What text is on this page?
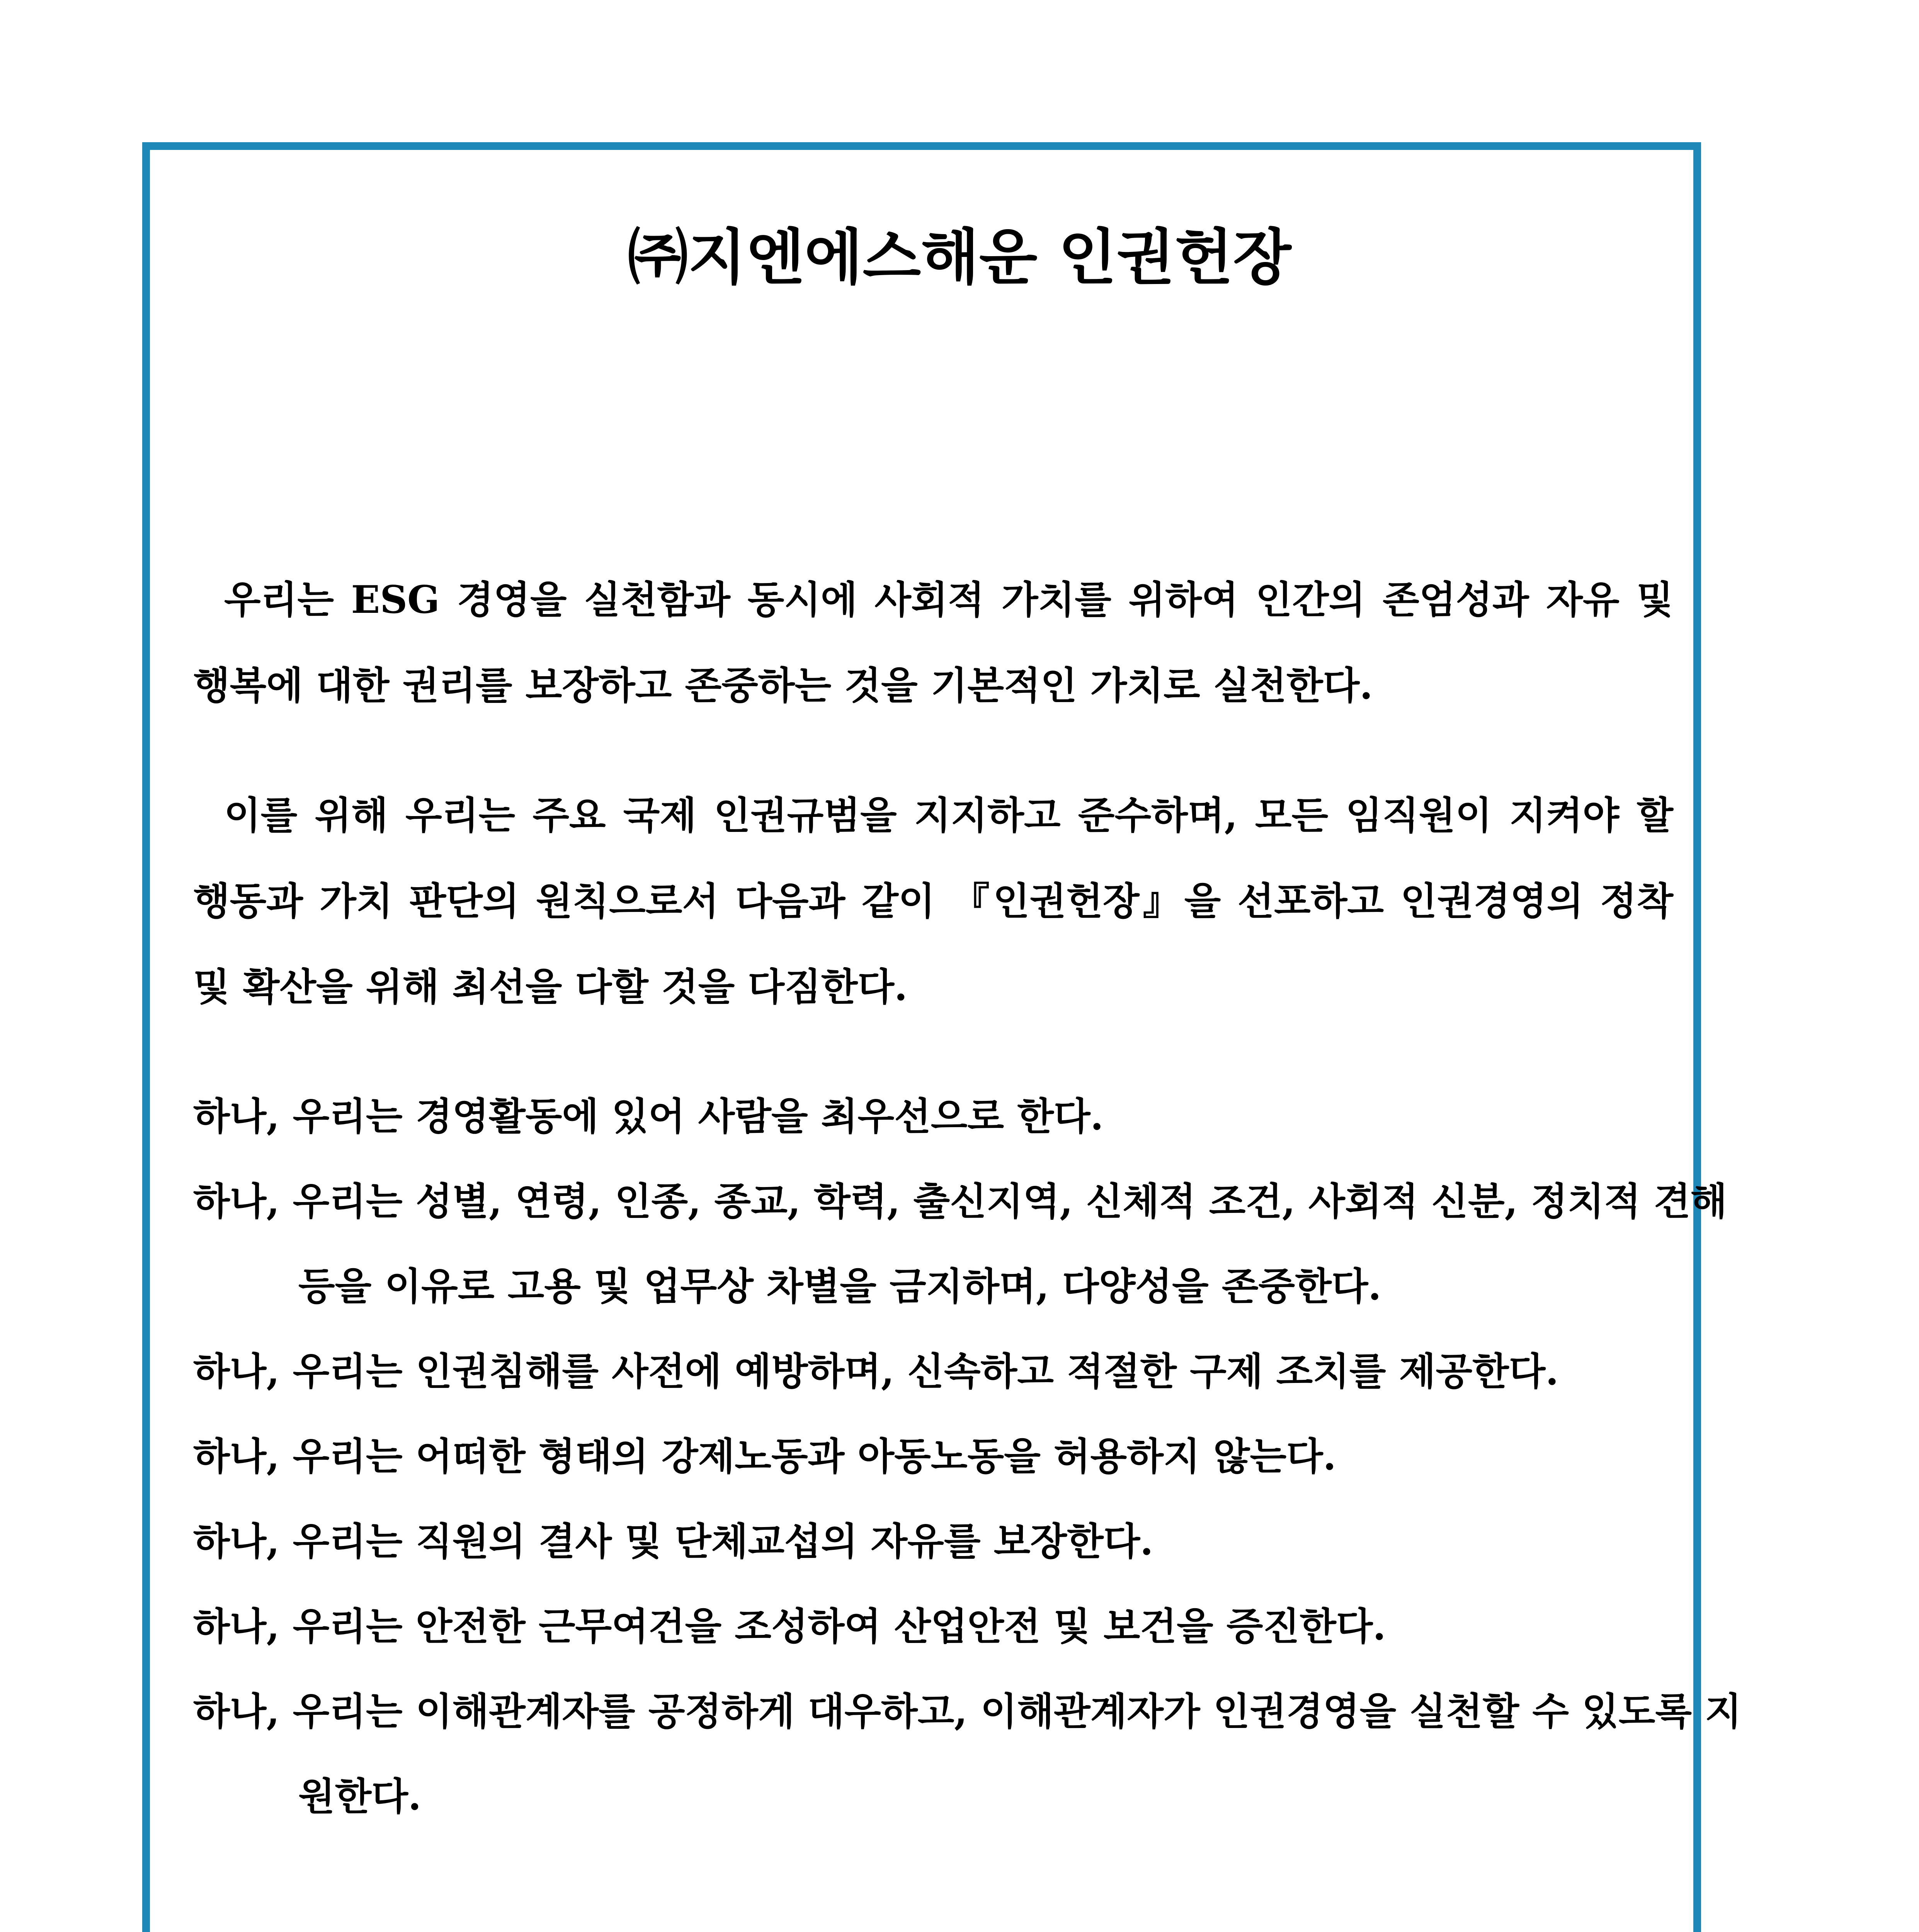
㈜지엔에스해운 인권헌장
우리는 ESG 경영을 실천함과 동시에 사회적 가치를 위하여 인간의 존엄성과 자유 및 행복에 대한 권리를 보장하고 존중하는 것을 기본적인 가치로 실천한다.
이를 위해 우리는 주요 국제 인권규범을 지지하고 준수하며, 모든 임직원이 지켜야 할 행동과 가치 판단의 원칙으로서 다음과 같이 『인권헌장』을 선포하고 인권경영의 정착 및 확산을 위해 최선을 다할 것을 다짐한다.
하나, 우리는 경영활동에 있어 사람을 최우선으로 한다.
하나, 우리는 성별, 연령, 인종, 종교, 학력, 출신지역, 신체적 조건, 사회적 신분, 정치적 견해 등을 이유로 고용 및 업무상 차별을 금지하며, 다양성을 존중한다.
하나, 우리는 인권침해를 사전에 예방하며, 신속하고 적절한 구제 조치를 제공한다.
하나, 우리는 어떠한 형태의 강제노동과 아동노동을 허용하지 않는다.
하나, 우리는 직원의 결사 및 단체교섭의 자유를 보장한다.
하나, 우리는 안전한 근무여건을 조성하여 산업안전 및 보건을 증진한다.
하나, 우리는 이해관계자를 공정하게 대우하고, 이해관계자가 인권경영을 실천할 수 있도록 지원한다.
